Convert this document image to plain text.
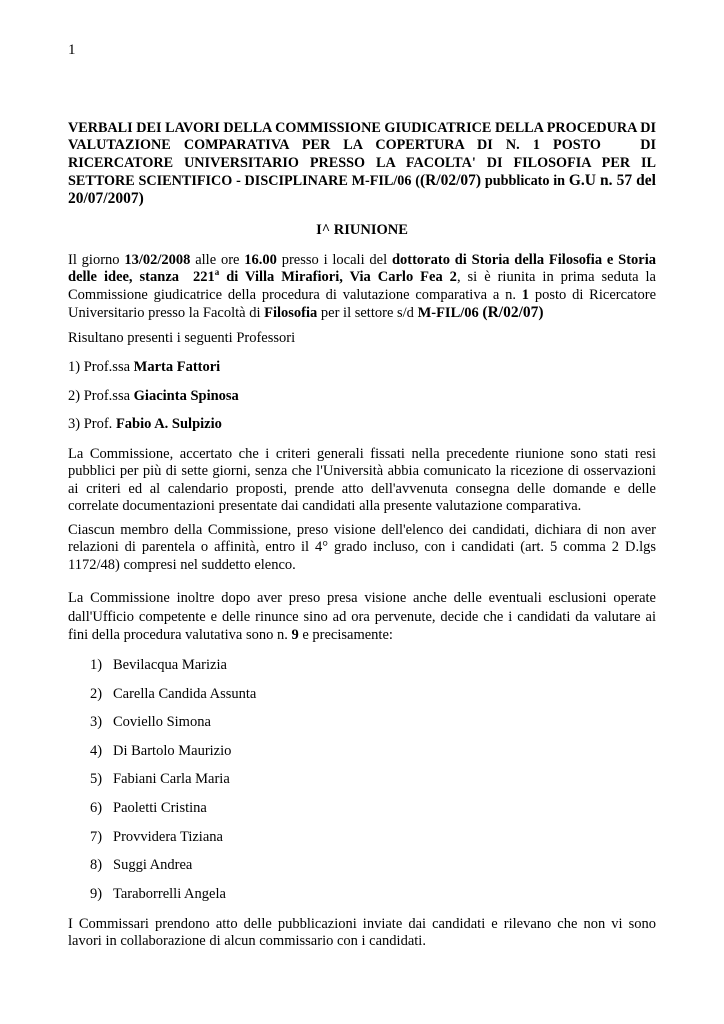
1
VERBALI DEI LAVORI DELLA COMMISSIONE GIUDICATRICE DELLA PROCEDURA DI VALUTAZIONE COMPARATIVA PER LA COPERTURA DI N. 1 POSTO   DI RICERCATORE UNIVERSITARIO PRESSO LA FACOLTA' DI FILOSOFIA PER IL SETTORE SCIENTIFICO - DISCIPLINARE M-FIL/06 ((R/02/07) pubblicato in G.U n. 57 del 20/07/2007)
I^ RIUNIONE
Il giorno 13/02/2008 alle ore 16.00 presso i locali del dottorato di Storia della Filosofia e Storia delle idee, stanza  221$^a$ di Villa Mirafiori, Via Carlo Fea 2, si è riunita in prima seduta la Commissione giudicatrice della procedura di valutazione comparativa a n. 1 posto di Ricercatore Universitario presso la Facoltà di Filosofia per il settore s/d M-FIL/06 (R/02/07)
Risultano presenti i seguenti Professori
1) Prof.ssa Marta Fattori
2) Prof.ssa Giacinta Spinosa
3) Prof. Fabio A. Sulpizio
La Commissione, accertato che i criteri generali fissati nella precedente riunione sono stati resi pubblici per più di sette giorni, senza che l'Università abbia comunicato la ricezione di osservazioni ai criteri ed al calendario proposti, prende atto dell'avvenuta consegna delle domande e delle correlate documentazioni presentate dai candidati alla presente valutazione comparativa.
Ciascun membro della Commissione, preso visione dell'elenco dei candidati, dichiara di non aver relazioni di parentela o affinità, entro il 4° grado incluso, con i candidati (art. 5 comma 2 D.lgs 1172/48) compresi nel suddetto elenco.
La Commissione inoltre dopo aver preso presa visione anche delle eventuali esclusioni operate dall'Ufficio competente e delle rinunce sino ad ora pervenute, decide che i candidati da valutare ai fini della procedura valutativa sono n. 9 e precisamente:
1) Bevilacqua Marizia
2) Carella Candida Assunta
3) Coviello Simona
4) Di Bartolo Maurizio
5) Fabiani Carla Maria
6) Paoletti Cristina
7) Provvidera Tiziana
8) Suggi Andrea
9) Taraborrelli Angela
I Commissari prendono atto delle pubblicazioni inviate dai candidati e rilevano che non vi sono lavori in collaborazione di alcun commissario con i candidati.
